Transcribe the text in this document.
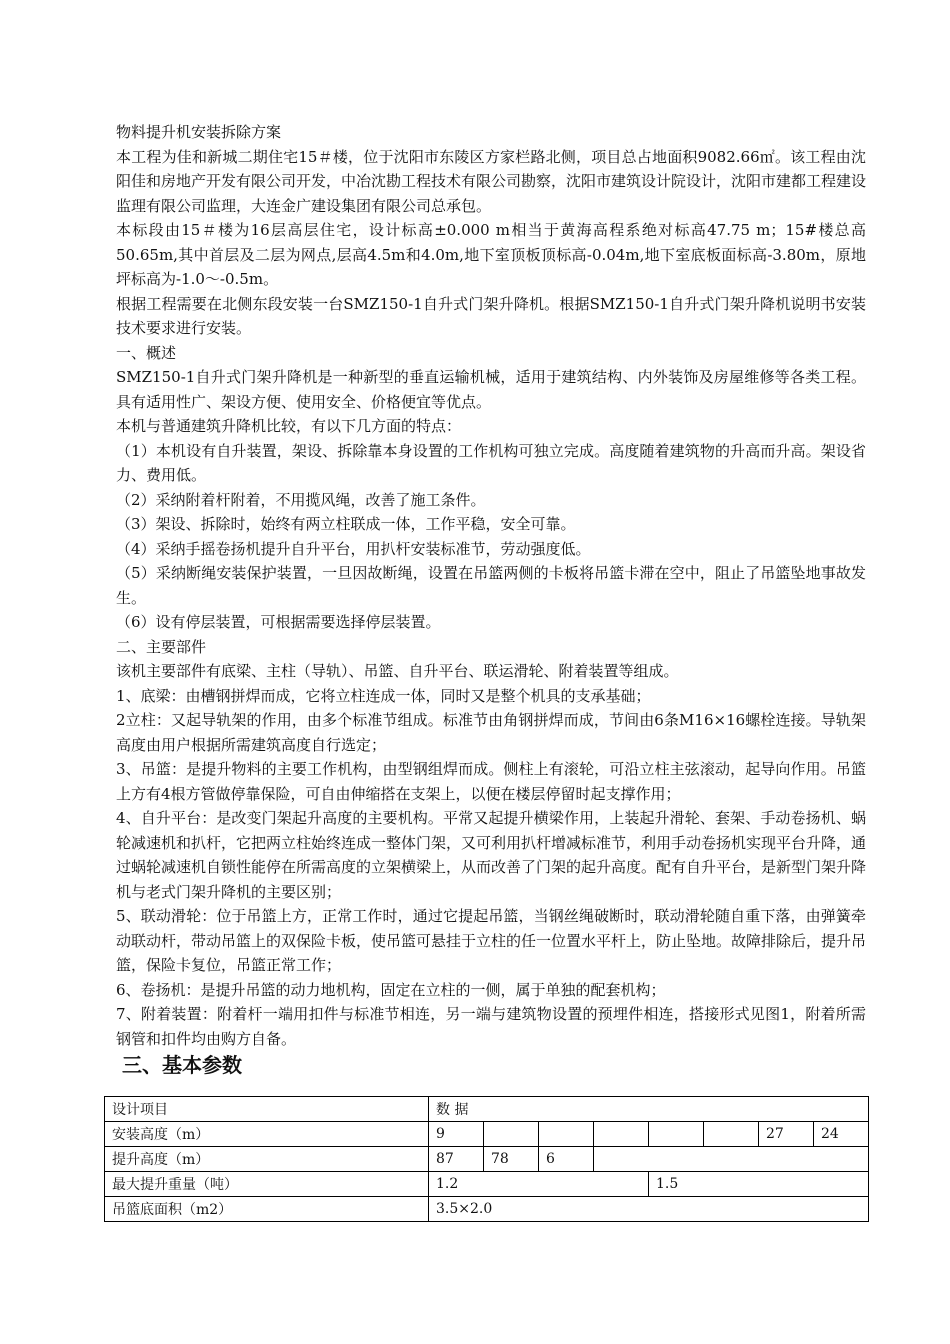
物料提升机安装拆除方案

本工程为佳和新城二期住宅15＃楼，位于沈阳市东陵区方家栏路北侧，项目总占地面积9082.66㎡。该工程由沈阳佳和房地产开发有限公司开发，中冶沈勘工程技术有限公司勘察，沈阳市建筑设计院设计，沈阳市建都工程建设监理有限公司监理，大连金广建设集团有限公司总承包。

本标段由15＃楼为16层高层住宅，设计标高±0.000 m相当于黄海高程系绝对标高47.75 m；15#楼总高50.65m,其中首层及二层为网点,层高4.5m和4.0m,地下室顶板顶标高-0.04m,地下室底板面标高-3.80m，原地坪标高为-1.0～-0.5m。

根据工程需要在北侧东段安装一台SMZ150-1自升式门架升降机。根据SMZ150-1自升式门架升降机说明书安装技术要求进行安装。

一、概述

SMZ150-1自升式门架升降机是一种新型的垂直运输机械，适用于建筑结构、内外装饰及房屋维修等各类工程。具有适用性广、架设方便、使用安全、价格便宜等优点。

本机与普通建筑升降机比较，有以下几方面的特点：

（1）本机设有自升装置，架设、拆除靠本身设置的工作机构可独立完成。高度随着建筑物的升高而升高。架设省力、费用低。

（2）采纳附着杆附着，不用揽风绳，改善了施工条件。

（3）架设、拆除时，始终有两立柱联成一体，工作平稳，安全可靠。

（4）采纳手摇卷扬机提升自升平台，用扒杆安装标准节，劳动强度低。

（5）采纳断绳安装保护装置，一旦因故断绳，设置在吊篮两侧的卡板将吊篮卡滞在空中，阻止了吊篮坠地事故发生。

（6）设有停层装置，可根据需要选择停层装置。

二、主要部件

该机主要部件有底梁、主柱（导轨）、吊篮、自升平台、联运滑轮、附着装置等组成。

1、底梁：由槽钢拼焊而成，它将立柱连成一体，同时又是整个机具的支承基础；

2立柱：又起导轨架的作用，由多个标准节组成。标准节由角钢拼焊而成，节间由6条M16×16螺栓连接。导轨架高度由用户根据所需建筑高度自行选定；

3、吊篮：是提升物料的主要工作机构，由型钢组焊而成。侧柱上有滚轮，可沿立柱主弦滚动，起导向作用。吊篮上方有4根方管做停靠保险，可自由伸缩搭在支架上，以便在楼层停留时起支撑作用；

4、自升平台：是改变门架起升高度的主要机构。平常又起提升横梁作用，上装起升滑轮、套架、手动卷扬机、蜗轮减速机和扒杆，它把两立柱始终连成一整体门架，又可利用扒杆增减标准节，利用手动卷扬机实现平台升降，通过蜗轮减速机自锁性能停在所需高度的立架横梁上，从而改善了门架的起升高度。配有自升平台，是新型门架升降机与老式门架升降机的主要区别；

5、联动滑轮：位于吊篮上方，正常工作时，通过它提起吊篮，当钢丝绳破断时，联动滑轮随自重下落，由弹簧牵动联动杆，带动吊篮上的双保险卡板，使吊篮可悬挂于立柱的任一位置水平杆上，防止坠地。故障排除后，提升吊篮，保险卡复位，吊篮正常工作；

6、卷扬机：是提升吊篮的动力地机构，固定在立柱的一侧，属于单独的配套机构；

7、附着装置：附着杆一端用扣件与标准节相连，另一端与建筑物设置的预埋件相连，搭接形式见图1，附着所需钢管和扣件均由购方自备。

三、基本参数
设计项目	数 据							
安装高度（m）	9						27	24
提升高度（m）	87	78	6					
最大提升重量（吨）	1.2				1.5			
吊篮底面积（m2）	3.5×2.0							
